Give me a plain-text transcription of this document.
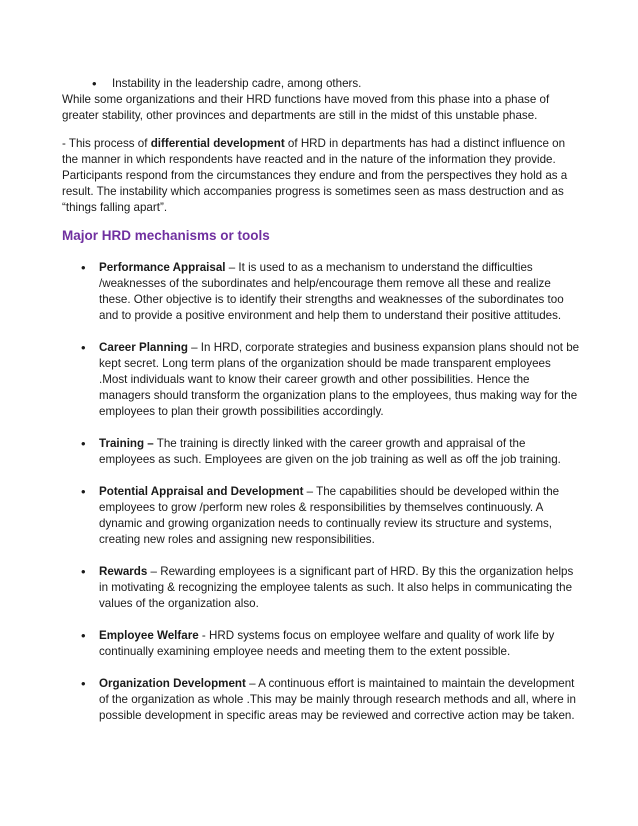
• Instability in the leadership cadre, among others.
While some organizations and their HRD functions have moved from this phase into a phase of greater stability, other provinces and departments are still in the midst of this unstable phase.
- This process of differential development of HRD in departments has had a distinct influence on the manner in which respondents have reacted and in the nature of the information they provide. Participants respond from the circumstances they endure and from the perspectives they hold as a result. The instability which accompanies progress is sometimes seen as mass destruction and as “things falling apart”.
Major HRD mechanisms or tools
• Performance Appraisal – It is used to as a mechanism to understand the difficulties /weaknesses of the subordinates and help/encourage them remove all these and realize these. Other objective is to identify their strengths and weaknesses of the subordinates too and to provide a positive environment and help them to understand their positive attitudes.
• Career Planning – In HRD, corporate strategies and business expansion plans should not be kept secret. Long term plans of the organization should be made transparent employees .Most individuals want to know their career growth and other possibilities. Hence the managers should transform the organization plans to the employees, thus making way for the employees to plan their growth possibilities accordingly.
• Training – The training is directly linked with the career growth and appraisal of the employees as such. Employees are given on the job training as well as off the job training.
• Potential Appraisal and Development – The capabilities should be developed within the employees to grow /perform new roles & responsibilities by themselves continuously. A dynamic and growing organization needs to continually review its structure and systems, creating new roles and assigning new responsibilities.
• Rewards – Rewarding employees is a significant part of HRD. By this the organization helps in motivating & recognizing the employee talents as such. It also helps in communicating the values of the organization also.
• Employee Welfare - HRD systems focus on employee welfare and quality of work life by continually examining employee needs and meeting them to the extent possible.
• Organization Development – A continuous effort is maintained to maintain the development of the organization as whole .This may be mainly through research methods and all, where in possible development in specific areas may be reviewed and corrective action may be taken.
